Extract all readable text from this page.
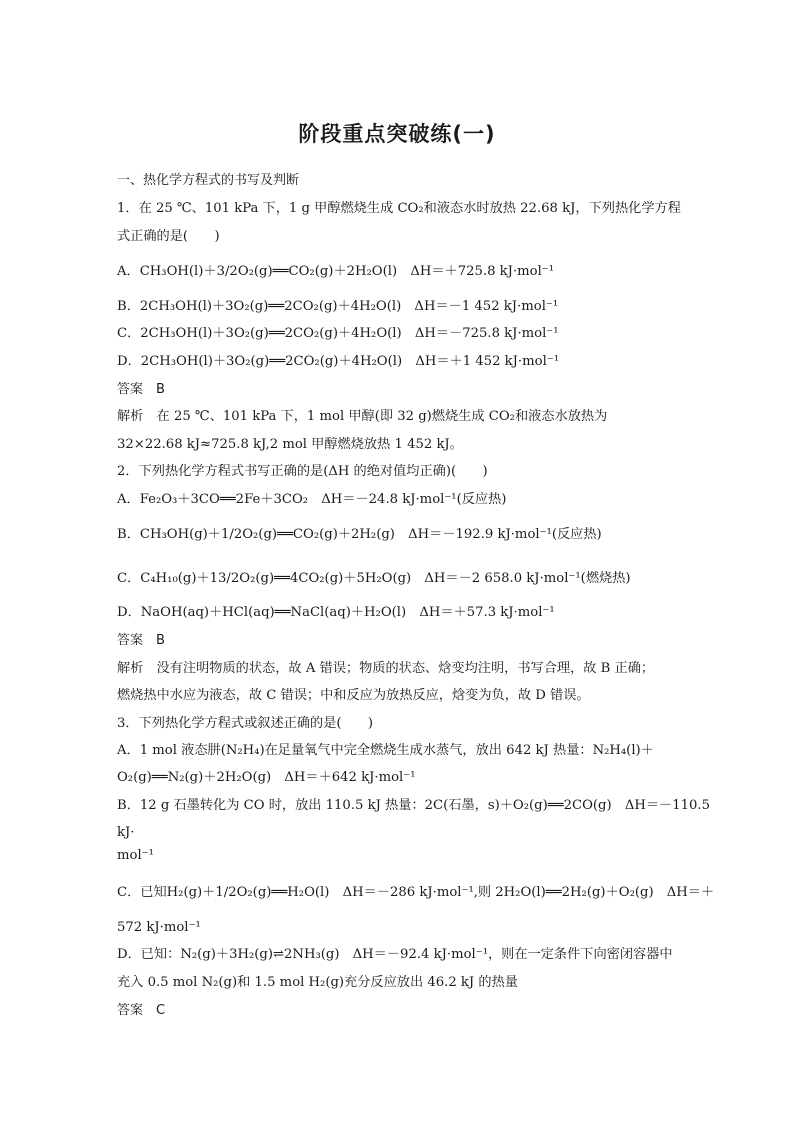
阶段重点突破练(一)
一、热化学方程式的书写及判断
1．在 25 ℃、101 kPa 下，1 g 甲醇燃烧生成 CO₂和液态水时放热 22.68 kJ，下列热化学方程
式正确的是(　　)
A．CH₃OH(l)＋3/2O₂(g)══CO₂(g)＋2H₂O(l)　ΔH＝＋725.8 kJ·mol⁻¹
B．2CH₃OH(l)＋3O₂(g)══2CO₂(g)＋4H₂O(l)　ΔH＝－1 452 kJ·mol⁻¹
C．2CH₃OH(l)＋3O₂(g)══2CO₂(g)＋4H₂O(l)　ΔH＝－725.8 kJ·mol⁻¹
D．2CH₃OH(l)＋3O₂(g)══2CO₂(g)＋4H₂O(l)　ΔH＝＋1 452 kJ·mol⁻¹
答案　B
解析　在 25 ℃、101 kPa 下，1 mol 甲醇(即 32 g)燃烧生成 CO₂和液态水放热为
32×22.68 kJ≈725.8 kJ,2 mol 甲醇燃烧放热 1 452 kJ。
2．下列热化学方程式书写正确的是(ΔH 的绝对值均正确)(　　)
A．Fe₂O₃＋3CO══2Fe＋3CO₂　ΔH＝－24.8 kJ·mol⁻¹(反应热)
B．CH₃OH(g)＋1/2O₂(g)══CO₂(g)＋2H₂(g)　ΔH＝－192.9 kJ·mol⁻¹(反应热)
C．C₄H₁₀(g)＋13/2O₂(g)══4CO₂(g)＋5H₂O(g)　ΔH＝－2 658.0 kJ·mol⁻¹(燃烧热)
D．NaOH(aq)＋HCl(aq)══NaCl(aq)＋H₂O(l)　ΔH＝＋57.3 kJ·mol⁻¹
答案　B
解析　没有注明物质的状态，故 A 错误；物质的状态、焓变均注明，书写合理，故 B 正确；
燃烧热中水应为液态，故 C 错误；中和反应为放热反应，焓变为负，故 D 错误。
3．下列热化学方程式或叙述正确的是(　　)
A．1 mol 液态肼(N₂H₄)在足量氧气中完全燃烧生成水蒸气，放出 642 kJ 热量：N₂H₄(l)＋
O₂(g)══N₂(g)＋2H₂O(g)　ΔH＝＋642 kJ·mol⁻¹
B．12 g 石墨转化为 CO 时，放出 110.5 kJ 热量：2C(石墨，s)＋O₂(g)══2CO(g)　ΔH＝－110.5
kJ·
mol⁻¹
C．已知H₂(g)＋1/2O₂(g)══H₂O(l)　ΔH＝－286 kJ·mol⁻¹,则 2H₂O(l)══2H₂(g)＋O₂(g)　ΔH＝＋
572 kJ·mol⁻¹
D．已知：N₂(g)＋3H₂(g)⇌2NH₃(g)　ΔH＝－92.4 kJ·mol⁻¹，则在一定条件下向密闭容器中
充入 0.5 mol N₂(g)和 1.5 mol H₂(g)充分反应放出 46.2 kJ 的热量
答案　C
